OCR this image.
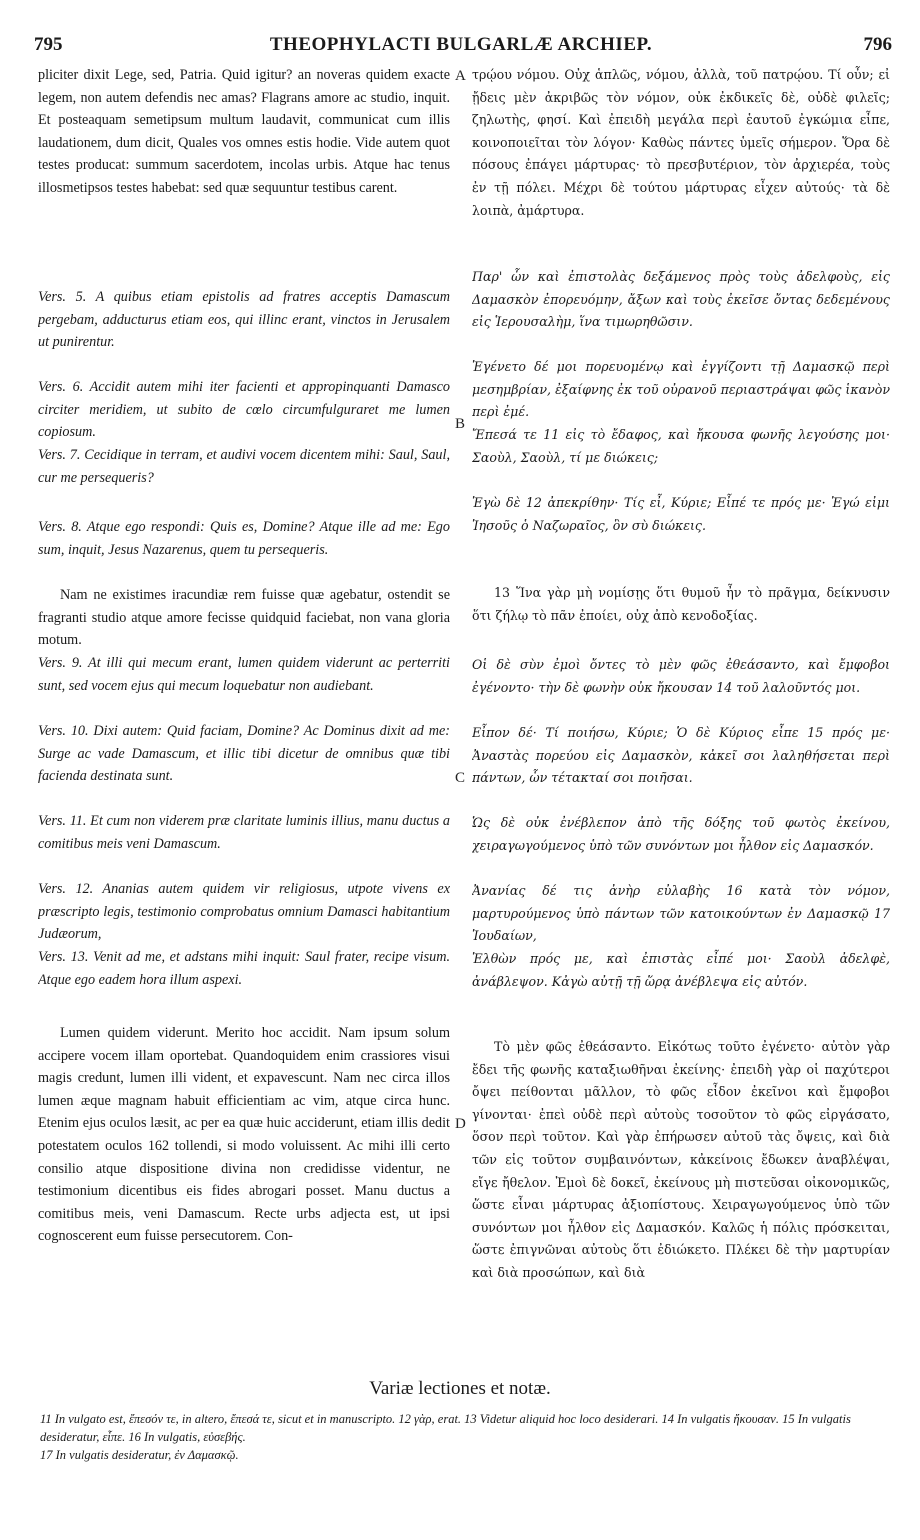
795	THEOPHYLACTI BULGARLÆ ARCHIEP.	796

pliciter dixit Lege, sed, Patria. Quid igitur? an noveras quidem exacte legem, non autem defendis nec amas? Flagrans amore ac studio, inquit. Et posteaquam semetipsum multum laudavit, communicat cum illis laudationem, dum dicit, Quales vos omnes estis hodie. Vide autem quot testes producat: summum sacerdotem, incolas urbis. Atque hac tenus illosmetipsos testes habebat: sed quæ sequuntur testibus carent.

Vers. 5. A quibus etiam epistolis ad fratres acceptis Damascum pergebam, adducturus etiam eos, qui illinc erant, vinctos in Jerusalem ut punirentur.

Vers. 6. Accidit autem mihi iter facienti et appropinquanti Damasco circiter meridiem, ut subito de cœlo circumfulguraret me lumen copiosum.

Vers. 7. Cecidique in terram, et audivi vocem dicentem mihi: Saul, Saul, cur me persequeris?

Vers. 8. Atque ego respondi: Quis es, Domine? Atque ille ad me: Ego sum, inquit, Jesus Nazarenus, quem tu persequeris.

Nam ne existimes iracundiæ rem fuisse quæ agebatur, ostendit se fragranti studio atque amore fecisse quidquid faciebat, non vana gloria motum.

Vers. 9. At illi qui mecum erant, lumen quidem viderunt ac perterriti sunt, sed vocem ejus qui mecum loquebatur non audiebant.

Vers. 10. Dixi autem: Quid faciam, Domine? Ac Dominus dixit ad me: Surge ac vade Damascum, et illic tibi dicetur de omnibus quæ tibi facienda destinata sunt.

Vers. 11. Et cum non viderem præ claritate luminis illius, manu ductus a comitibus meis veni Damascum.

Vers. 12. Ananias autem quidem vir religiosus, utpote vivens ex præscripto legis, testimonio comprobatus omnium Damasci habitantium Judæorum,

Vers. 13. Venit ad me, et adstans mihi inquit: Saul frater, recipe visum. Atque ego eadem hora illum aspexi.

Lumen quidem viderunt. Merito hoc accidit. Nam ipsum solum accipere vocem illam oportebat. Quandoquidem enim crassiores visui magis credunt, lumen illi vident, et expavescunt. Nam nec circa illos lumen æque magnam habuit efficientiam ac vim, atque circa hunc. Etenim ejus oculos læsit, ac per ea quæ huic acciderunt, etiam illis dedit potestatem oculos 162 tollendi, si modo voluissent. Ac mihi illi certo consilio atque dispositione divina non credidisse videntur, ne testimonium dicentibus eis fides abrogari posset. Manu ductus a comitibus meis, veni Damascum. Recte urbs adjecta est, ut ipsi cognoscerent eum fuisse persecutorem. Con-

τρῴου νόμου. Οὐχ ἁπλῶς, νόμου, ἀλλὰ, τοῦ πατρῴου. Τί οὖν; εἰ ᾔδεις μὲν ἀκριβῶς τὸν νόμον, οὐκ ἐκδικεῖς δὲ, οὐδὲ φιλεῖς; ζηλωτὴς, φησί. Καὶ ἐπειδὴ μεγάλα περὶ ἑαυτοῦ ἐγκώμια εἶπε, κοινοποιεῖται τὸν λόγον· Καθὼς πάντες ὑμεῖς σήμερον. Ὅρα δὲ πόσους ἐπάγει μάρτυρας· τὸ πρεσβυτέριον, τὸν ἀρχιερέα, τοὺς ἐν τῇ πόλει. Μέχρι δὲ τούτου μάρτυρας εἶχεν αὐτούς· τὰ δὲ λοιπὰ, ἀμάρτυρα.

Παρ' ὧν καὶ ἐπιστολὰς δεξάμενος πρὸς τοὺς ἀδελφοὺς, εἰς Δαμασκὸν ἐπορευόμην, ἄξων καὶ τοὺς ἐκεῖσε ὄντας δεδεμένους εἰς Ἱερουσαλὴμ, ἵνα τιμωρηθῶσιν.

Ἐγένετο δέ μοι πορευομένῳ καὶ ἐγγίζοντι τῇ Δαμασκῷ περὶ μεσημβρίαν, ἐξαίφνης ἐκ τοῦ οὐρανοῦ περιαστράψαι φῶς ἱκανὸν περὶ ἐμέ.

Ἔπεσά τε 11 εἰς τὸ ἔδαφος, καὶ ἤκουσα φωνῆς λεγούσης μοι· Σαοὺλ, Σαοὺλ, τί με διώκεις;

Ἐγὼ δὲ 12 ἀπεκρίθην· Τίς εἶ, Κύριε; Εἶπέ τε πρός με· Ἐγώ εἰμι Ἰησοῦς ὁ Ναζωραῖος, ὃν σὺ διώκεις.

13 Ἵνα γὰρ μὴ νομίσῃς ὅτι θυμοῦ ἦν τὸ πρᾶγμα, δείκνυσιν ὅτι ζήλῳ τὸ πᾶν ἐποίει, οὐχ ἀπὸ κενοδοξίας.

Οἱ δὲ σὺν ἐμοὶ ὄντες τὸ μὲν φῶς ἐθεάσαντο, καὶ ἔμφοβοι ἐγένοντο· τὴν δὲ φωνὴν οὐκ ἤκουσαν 14 τοῦ λαλοῦντός μοι.

Εἶπον δέ· Τί ποιήσω, Κύριε; Ὁ δὲ Κύριος εἶπε 15 πρός με· Ἀναστὰς πορεύου εἰς Δαμασκὸν, κἀκεῖ σοι λαληθήσεται περὶ πάντων, ὧν τέτακταί σοι ποιῆσαι.

Ὡς δὲ οὐκ ἐνέβλεπον ἀπὸ τῆς δόξης τοῦ φωτὸς ἐκείνου, χειραγωγούμενος ὑπὸ τῶν συνόντων μοι ἦλθον εἰς Δαμασκόν.

Ἀνανίας δέ τις ἀνὴρ εὐλαβὴς 16 κατὰ τὸν νόμον, μαρτυρούμενος ὑπὸ πάντων τῶν κατοικούντων ἐν Δαμασκῷ 17 Ἰουδαίων,

Ἐλθὼν πρός με, καὶ ἐπιστὰς εἶπέ μοι· Σαοὺλ ἀδελφὲ, ἀνάβλεψον. Κἀγὼ αὐτῇ τῇ ὥρᾳ ἀνέβλεψα εἰς αὐτόν.

Τὸ μὲν φῶς ἐθεάσαντο. Εἰκότως τοῦτο ἐγένετο· αὐτὸν γὰρ ἔδει τῆς φωνῆς καταξιωθῆναι ἐκείνης· ἐπειδὴ γὰρ οἱ παχύτεροι ὄψει πείθονται μᾶλλον, τὸ φῶς εἶδον ἐκεῖνοι καὶ ἔμφοβοι γίνονται· ἐπεὶ οὐδὲ περὶ αὐτοὺς τοσοῦτον τὸ φῶς εἰργάσατο, ὅσον περὶ τοῦτον. Καὶ γὰρ ἐπήρωσεν αὐτοῦ τὰς ὄψεις, καὶ διὰ τῶν εἰς τοῦτον συμβαινόντων, κἀκείνοις ἔδωκεν ἀναβλέψαι, εἴγε ἤθελον. Ἐμοὶ δὲ δοκεῖ, ἐκείνους μὴ πιστεῦσαι οἰκονομικῶς, ὥστε εἶναι μάρτυρας ἀξιοπίστους. Χειραγωγούμενος ὑπὸ τῶν συνόντων μοι ἦλθον εἰς Δαμασκόν. Καλῶς ἡ πόλις πρόσκειται, ὥστε ἐπιγνῶναι αὐτοὺς ὅτι ἐδιώκετο. Πλέκει δὲ τὴν μαρτυρίαν καὶ διὰ προσώπων, καὶ διὰ

A
B
C
D
Variæ lectiones et notæ.
11 In vulgato est, ἔπεσόν τε, in altero, ἔπεσά τε, sicut et in manuscripto. 12 γὰρ, erat. 13 Videtur aliquid hoc loco desiderari. 14 In vulgatis ἤκουσαν. 15 In vulgatis desideratur, εἶπε. 16 In vulgatis, εὐσεβής.
17 In vulgatis desideratur, ἐν Δαμασκῷ.
